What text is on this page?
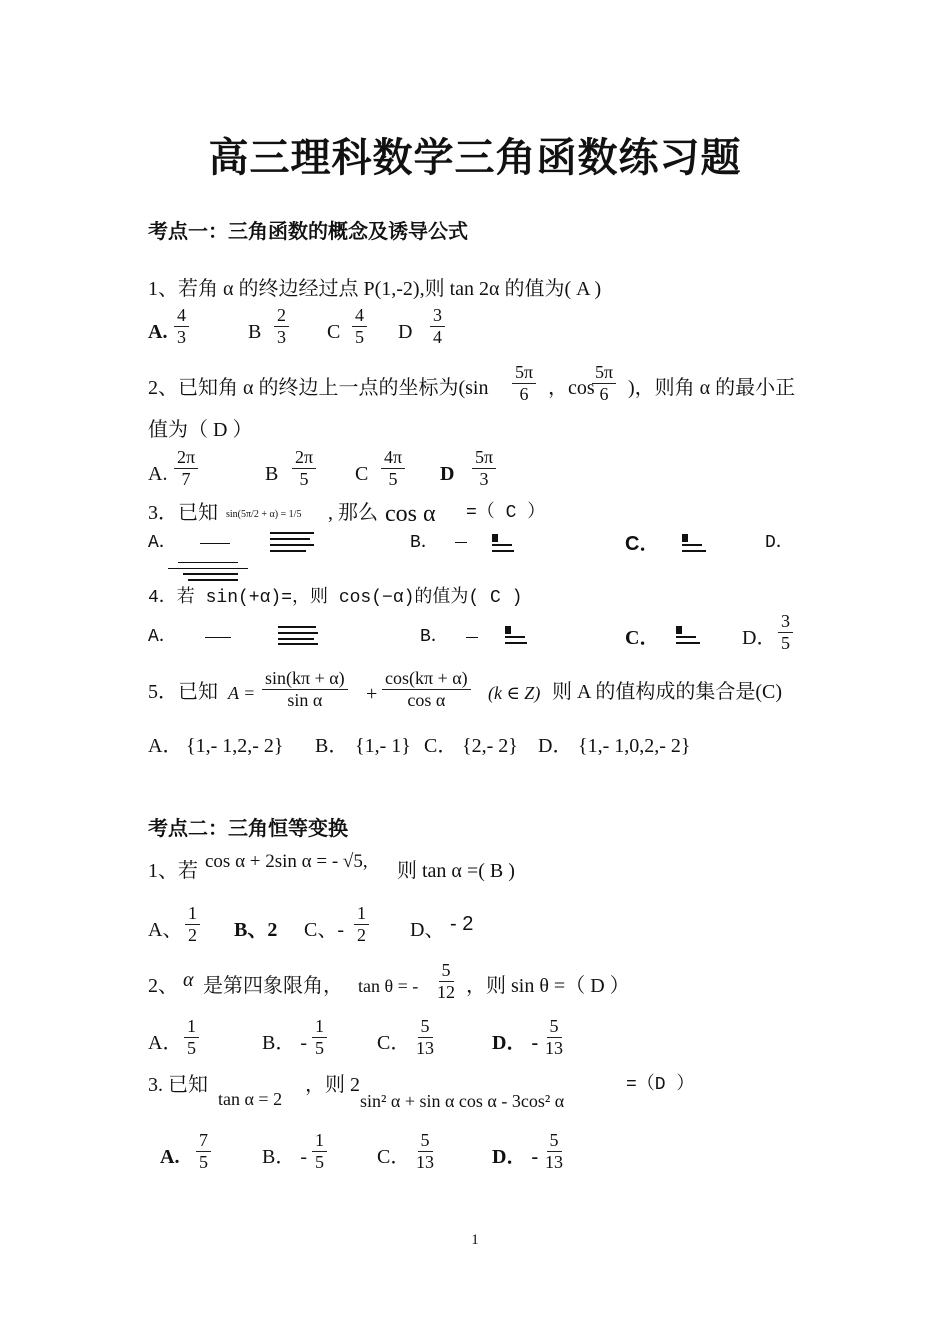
高三理科数学三角函数练习题
考点一：三角函数的概念及诱导公式
1、若角 α 的终边经过点 P(1,-2),则 tan 2α 的值为( A )
A. $\frac{4}{3}$	B $\frac{2}{3}$ C $\frac{4}{5}$ D $\frac{3}{4}$
2、已知角 α 的终边上一点的坐标为($\sin \frac{5\pi}{6}$ ，cos
$\frac{5\pi}{6}$ )，则角 α 的最小正
值为（ D ）
A. $\frac{2\pi}{7}$	B $\frac{2\pi}{5}$ C $\frac{4\pi}{5}$ D $\frac{5\pi}{3}$
3．已知 sin(5π/2 + α) = 1/5 , 那么 cos α =（ C ）
A．	B．	C．	D．
4．若 sin(+α)=，则 cos(−α)的值为( C )
A．	B．	C．	D． $\frac{3}{5}$
5．已知 $A = \frac{\sin(k\pi + \alpha)}{\text{sin α}} + \frac{\cos(k\pi + \alpha)}{\text{cos α}} (k$ ∈ Z) 则 A 的值构成的集合是(C)
A． {1,- 1,2,- 2} B． {1,- 1} C． {2,- 2} D． {1,- 1,0,2,- 2}
考点二：三角恒等变换
1、若 cos α + 2sin α = - √5, 则 tan α =( B )
A、 $\frac{1}{2}$ B、2 C、- $\frac{1}{2}$ D、 - 2
2、 α 是第四象限角， tan θ = - $\frac{5}{12}$ ，则 sin θ =（ D ）
A． $\frac{1}{5}$	B． - $\frac{1}{5}$	C． $\frac{5}{13}$	D． - $\frac{5}{13}$
3. 已知
tan α = 2
，则 2
sin² α + sin α cos α - 3cos² α
=（D ）
A. $\frac{7}{5}$	B． - $\frac{1}{5}$	C． $\frac{5}{13}$	D． - $\frac{5}{13}$
1
